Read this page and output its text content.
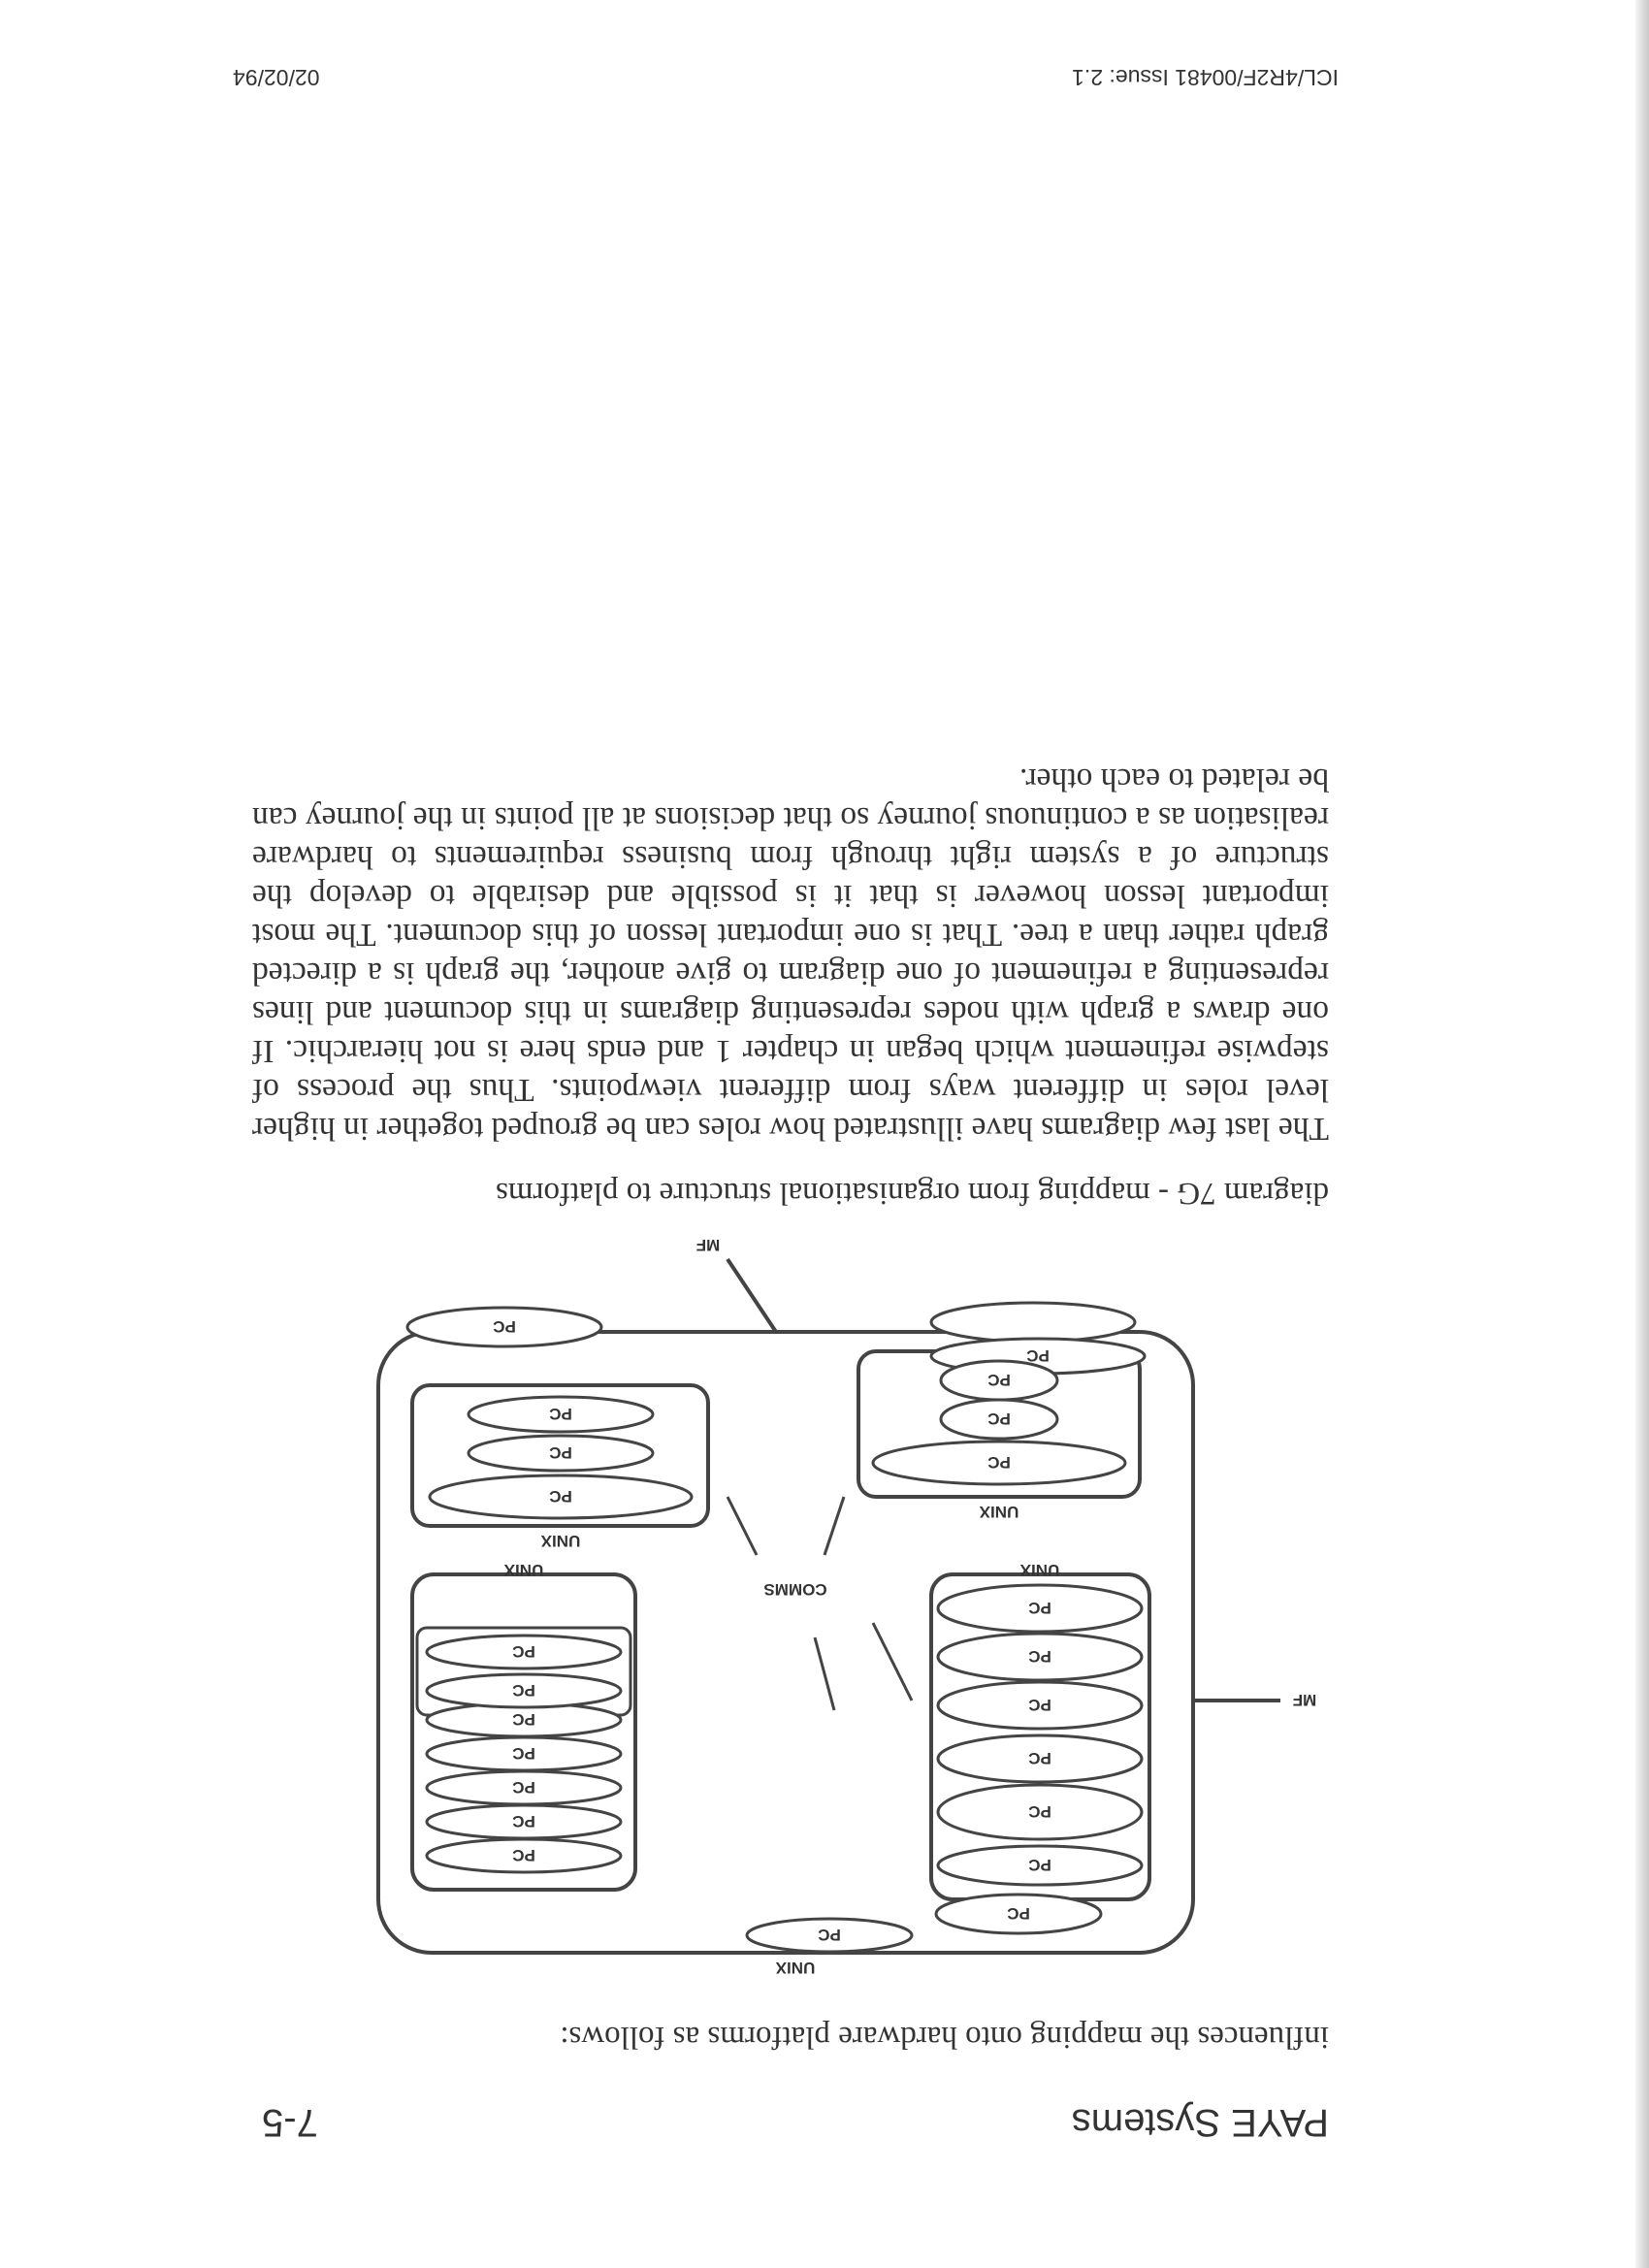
PAYE Systems
7-5
influences the mapping onto hardware platforms as follows:
COMMS
UNIX
UNIX
UNIX
UNIX
UNIX
MF
MF
PC
PC
PC
PC
PC
PC
PC
PC
PC
PC
PC
PC
PC
PC
PC
PC
PC
PC
PC
PC
PC
PC
PC
diagram 7G - mapping from organisational structure to platforms

The last few diagrams have illustrated how roles can be grouped together in higher level roles in different ways from different viewpoints. Thus the process of stepwise refinement which began in chapter 1 and ends here is not hierarchic. If one draws a graph with nodes representing diagrams in this document and lines representing a refinement of one diagram to give another, the graph is a directed graph rather than a tree. That is one important lesson of this document. The most important lesson however is that it is possible and desirable to develop the structure of a system right through from business requirements to hardware realisation as a continuous journey so that decisions at all points in the journey can be related to each other.

ICL/4R2F/00481 Issue: 2.1
02/02/94
